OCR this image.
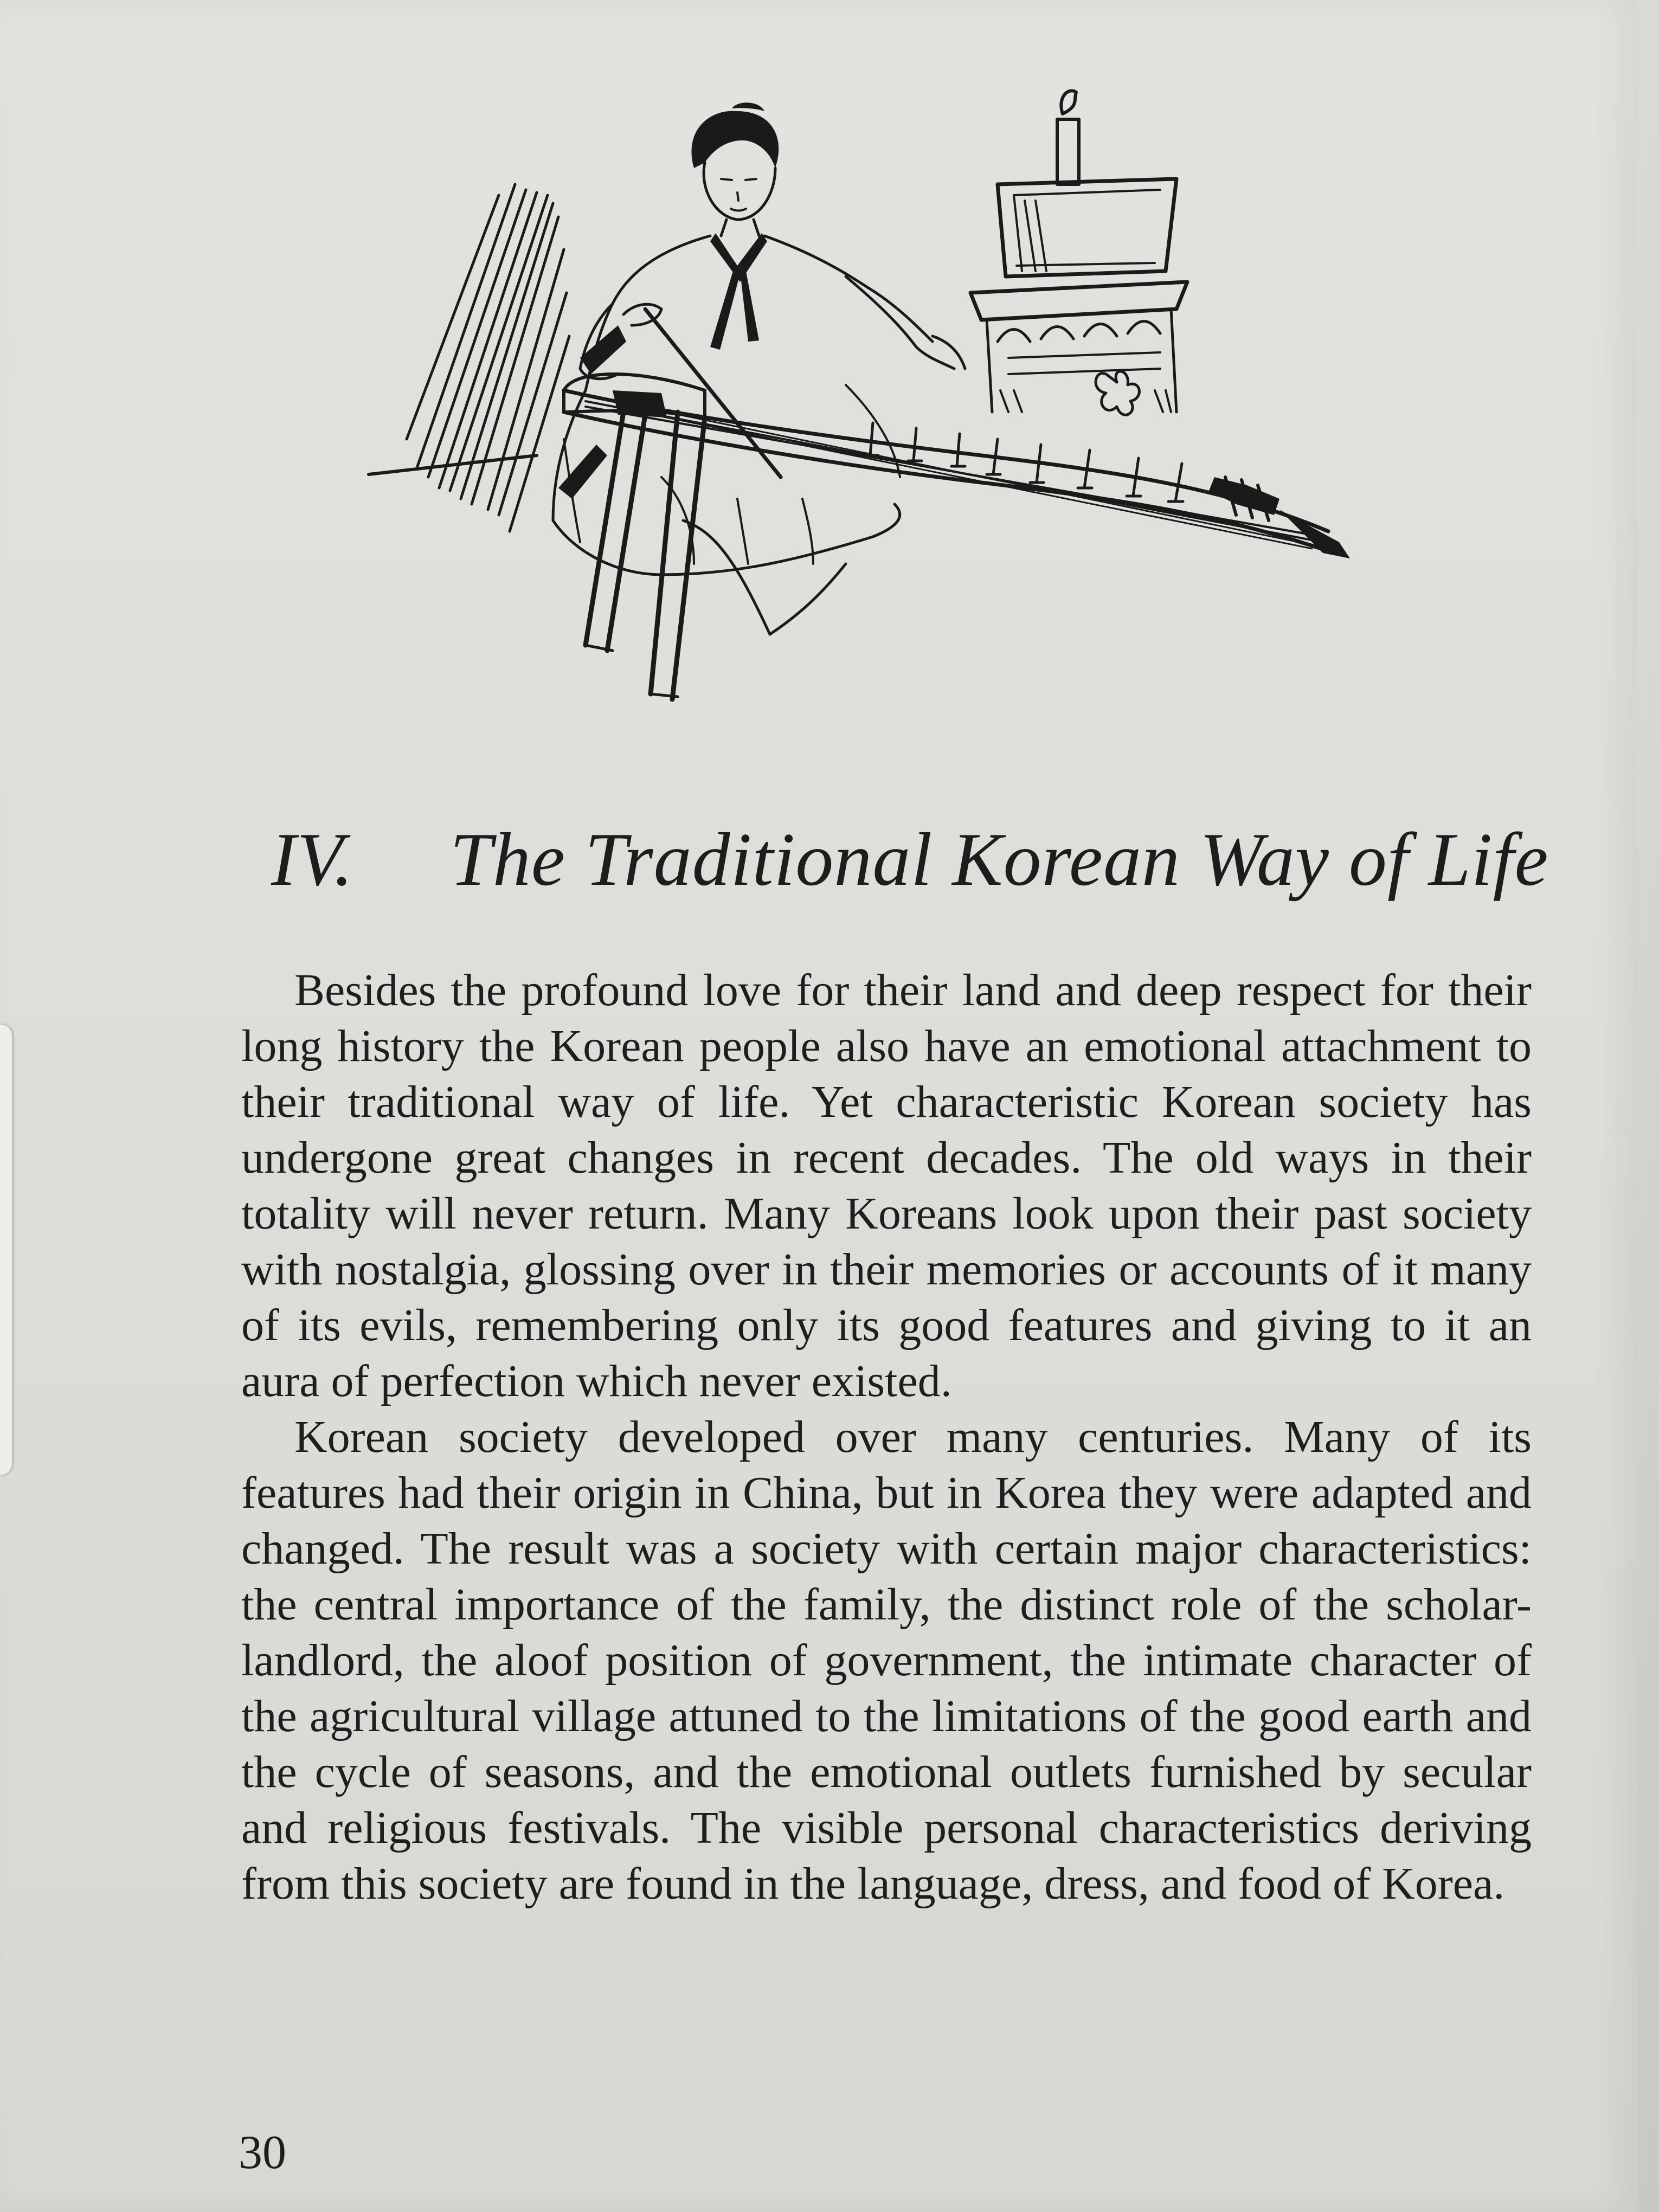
IV. The Traditional Korean Way of Life

Besides the profound love for their land and deep respect for their long history the Korean people also have an emotional attachment to their traditional way of life. Yet characteristic Korean society has undergone great changes in recent decades. The old ways in their totality will never return. Many Koreans look upon their past society with nostalgia, glossing over in their memories or accounts of it many of its evils, remembering only its good features and giving to it an aura of perfection which never existed.

Korean society developed over many centuries. Many of its features had their origin in China, but in Korea they were adapted and changed. The result was a society with certain major characteristics: the central importance of the family, the distinct role of the scholar-landlord, the aloof position of government, the intimate character of the agricultural village attuned to the limitations of the good earth and the cycle of seasons, and the emotional outlets furnished by secular and religious festivals. The visible personal characteristics deriving from this society are found in the language, dress, and food of Korea.

30
